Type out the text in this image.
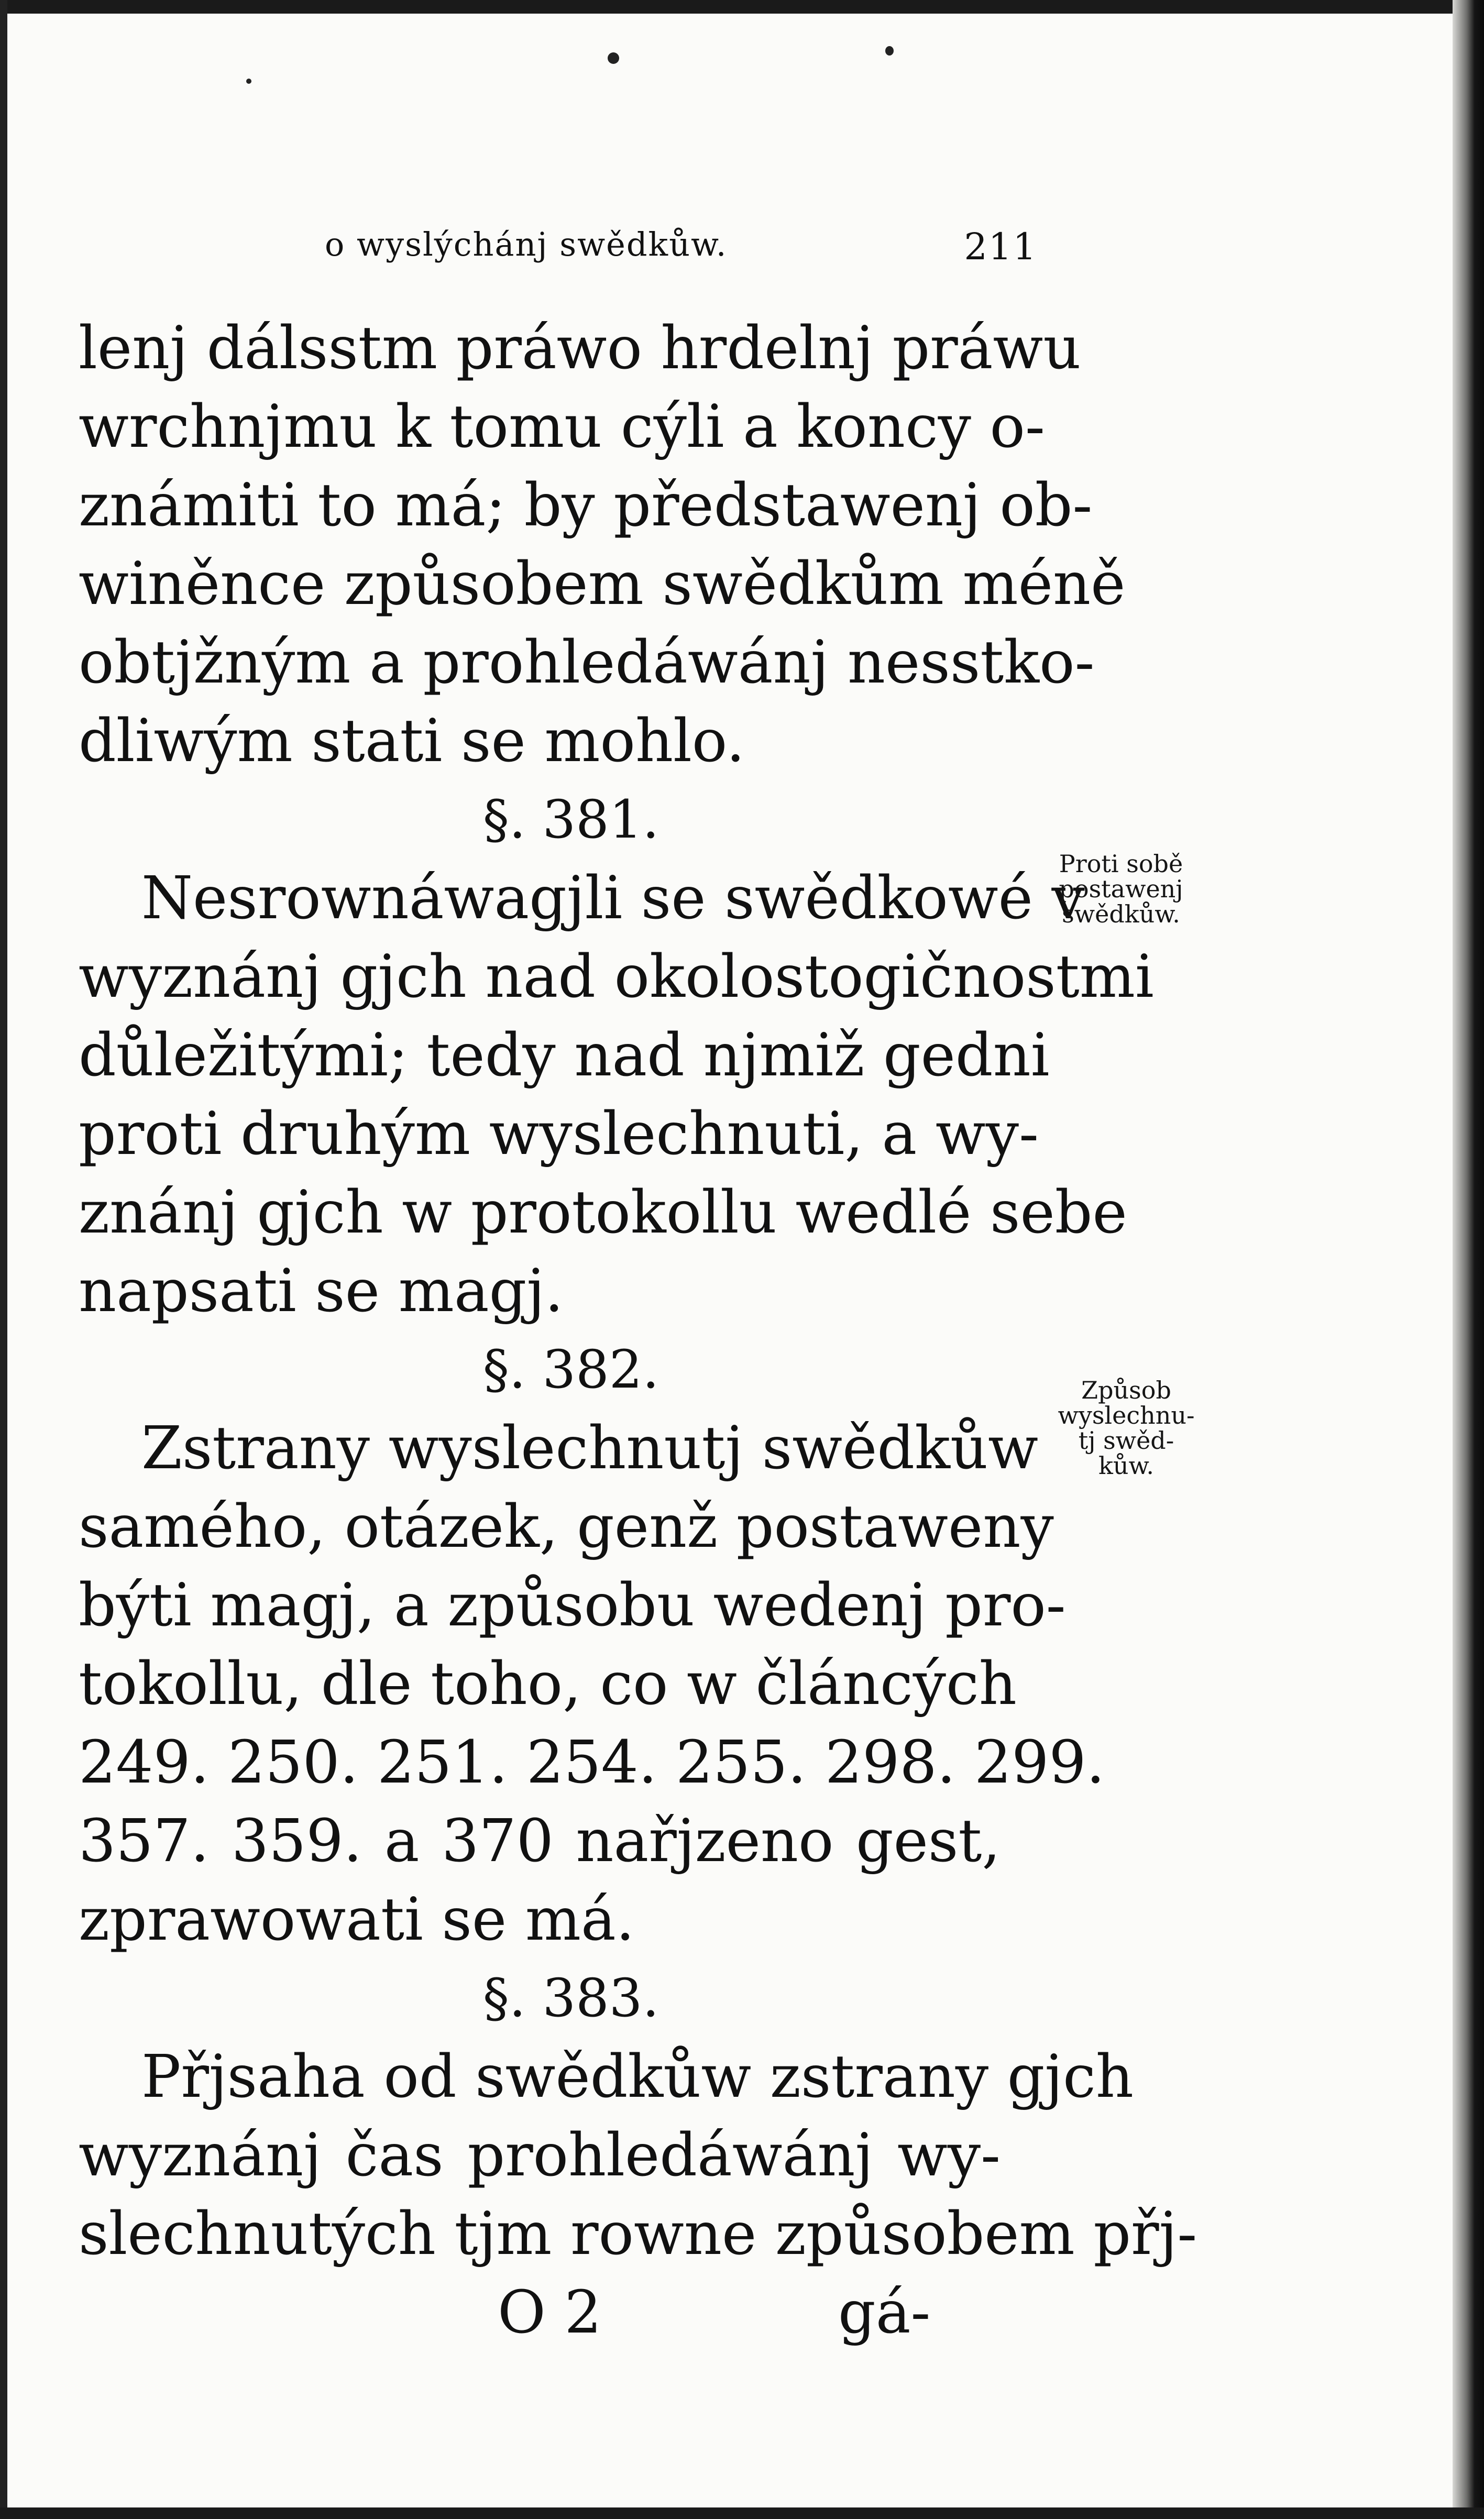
o wyslýchánj swědkůw.	211
lenj dálsstm práwo hrdelnj práwu
wrchnjmu k tomu cýli a koncy o-
známiti to má; by předstawenj ob-
winěnce způsobem swědkům méně
obtjžným a prohledáwánj nesstko-
dliwým stati se mohlo.
§. 381.
Nesrownáwagjli se swědkowé v
wyznánj gjch nad okolostogičnostmi
důležitými; tedy nad njmiž gedni
proti druhým wyslechnuti, a wy-
znánj gjch w protokollu wedlé sebe
napsati se magj.
§. 382.
Zstrany wyslechnutj swědkůw
samého, otázek, genž postaweny
býti magj, a způsobu wedenj pro-
tokollu, dle toho, co w článcých
249. 250. 251. 254. 255. 298. 299.
357. 359. a 370 nařjzeno gest,
zprawowati se má.
§. 383.
Přjsaha od swědkůw zstrany gjch
wyznánj čas prohledáwánj wy-
slechnutých tjm rowne způsobem přj-
O 2	gá-
Proti sobě
postawenj
swědkůw.
Způsob
wyslechnu-
tj swěd-
kůw.
